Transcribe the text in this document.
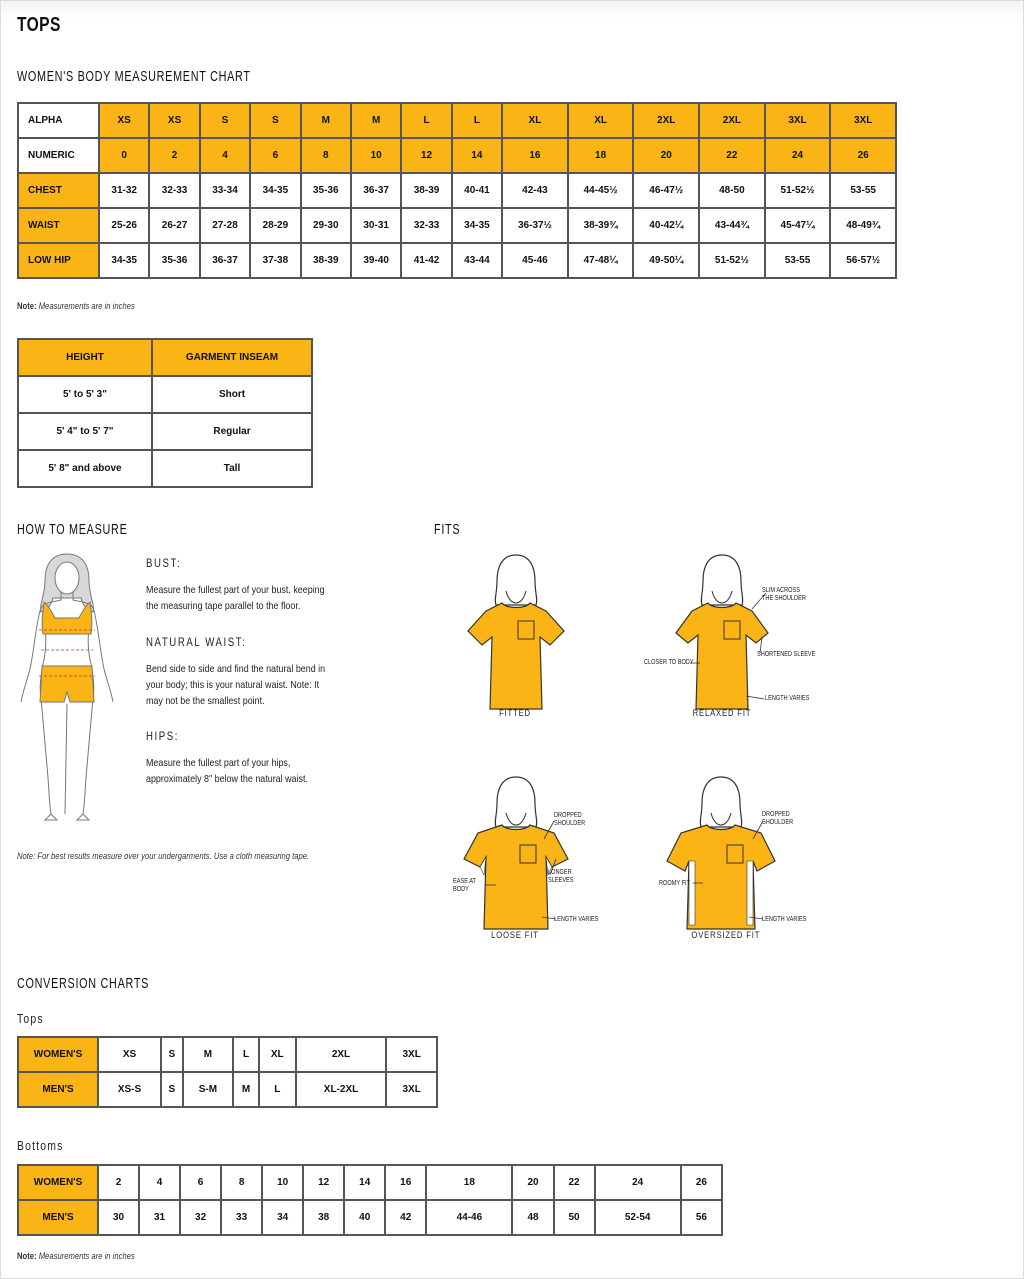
TOPS
WOMEN'S BODY MEASUREMENT CHART
ALPHA	XS	XS	S	S	M	M	L	L	XL	XL	2XL	2XL	3XL	3XL
NUMERIC	0	2	4	6	8	10	12	14	16	18	20	22	24	26
CHEST	31-32	32-33	33-34	34-35	35-36	36-37	38-39	40-41	42-43	44-45½	46-47½	48-50	51-52½	53-55
WAIST	25-26	26-27	27-28	28-29	29-30	30-31	32-33	34-35	36-37½	38-39¾	40-42¼	43-44¾	45-47¼	48-49¾
LOW HIP	34-35	35-36	36-37	37-38	38-39	39-40	41-42	43-44	45-46	47-48¼	49-50¼	51-52½	53-55	56-57½
Note: Measurements are in inches
HEIGHT	GARMENT INSEAM
5' to 5' 3"	Short
5' 4" to 5' 7"	Regular
5' 8" and above	Tall
HOW TO MEASURE
BUST:
Measure the fullest part of your bust, keeping the measuring tape parallel to the floor.
NATURAL WAIST:
Bend side to side and find the natural bend in your body; this is your natural waist. Note: It may not be the smallest point.
HIPS:
Measure the fullest part of your hips, approximately 8" below the natural waist.
Note: For best results measure over your undergarments. Use a cloth measuring tape.
FITS
FITTED	RELAXED FIT
SLIM ACROSS THE SHOULDER
SHORTENED SLEEVE
CLOSER TO BODY
LENGTH VARIES
LOOSE FIT
DROPPED SHOULDER
LONGER SLEEVES
EASE AT BODY
LENGTH VARIES
OVERSIZED FIT
DROPPED SHOULDER
ROOMY FIT
LENGTH VARIES
CONVERSION CHARTS
Tops
WOMEN'S	XS	S	M	L	XL	2XL	3XL
MEN'S	XS-S	S	S-M	M	L	XL-2XL	3XL
Bottoms
WOMEN'S	2	4	6	8	10	12	14	16	18	20	22	24	26
MEN'S	30	31	32	33	34	38	40	42	44-46	48	50	52-54	56
Note: Measurements are in inches
